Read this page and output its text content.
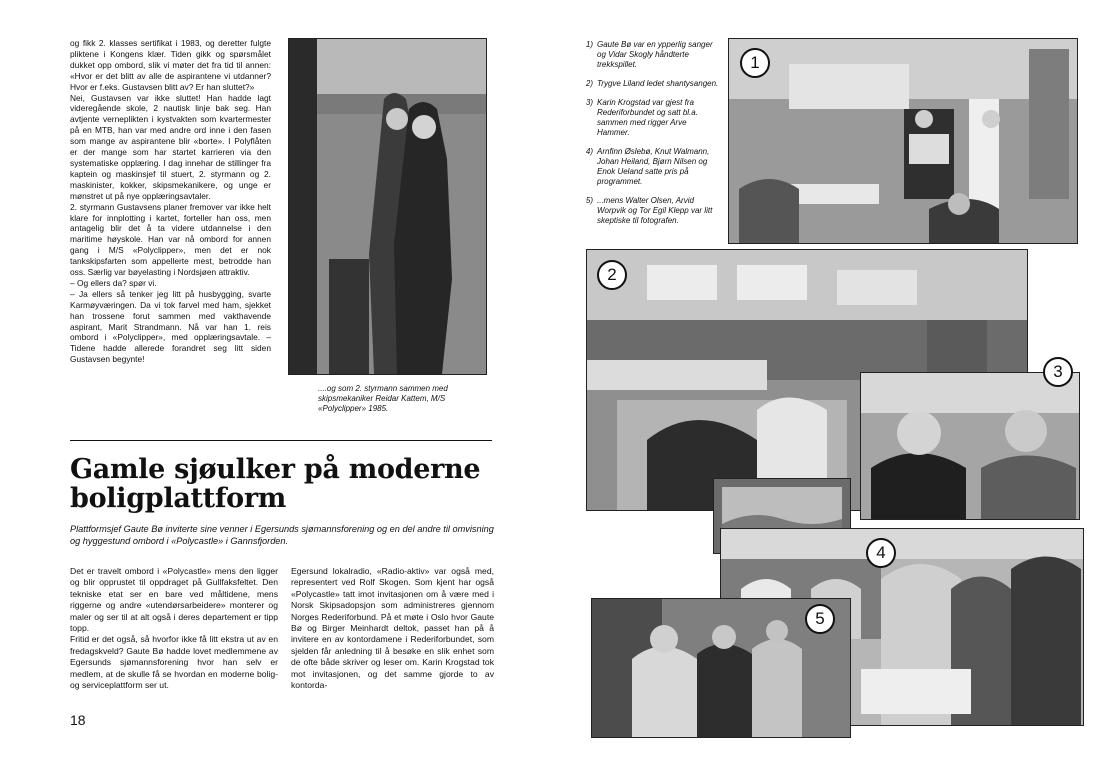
og fikk 2. klasses sertifikat i 1983, og deretter fulgte pliktene i Kongens klær. Tiden gikk og spørsmålet dukket opp ombord, slik vi møter det fra tid til annen: «Hvor er det blitt av alle de aspirantene vi utdanner? Hvor er f.eks. Gustavsen blitt av? Er han sluttet?»

Nei, Gustavsen var ikke sluttet! Han hadde lagt videregående skole, 2 nautisk linje bak seg. Han avtjente verneplikten i kystvakten som kvartermester på en MTB, han var med andre ord inne i den fasen som mange av aspirantene blir «borte». I Polyflåten er der mange som har startet karrieren via den systematiske opplæring. I dag innehar de stillinger fra kaptein og maskinsjef til stuert, 2. styrmann og 2. maskinister, kokker, skipsmekanikere, og unge er mønstret ut på nye opplæringsavtaler.

2. styrmann Gustavsens planer fremover var ikke helt klare for innplotting i kartet, forteller han oss, men antagelig blir det å ta videre utdannelse i den maritime høyskole. Han var nå ombord for annen gang i M/S «Polyclipper», men det er nok tankskipsfarten som appellerte mest, betrodde han oss. Særlig var bøyelasting i Nordsjøen attraktiv.

– Og ellers da? spør vi.

– Ja ellers så tenker jeg litt på husbygging, svarte Karmøyværingen. Da vi tok farvel med ham, sjekket han trossene forut sammen med vakthavende aspirant, Marit Strandmann. Nå var han 1. reis ombord i «Polyclipper», med opplæringsavtale. – Tidene hadde allerede forandret seg litt siden Gustavsen begynte!

....og som 2. styrmann sammen med skipsmekaniker Reidar Kattem, M/S «Polyclipper» 1985.
Gamle sjøulker på moderne
boligplattform
Plattformsjef Gaute Bø inviterte sine venner i Egersunds sjømannsforening og en del andre til omvisning og hyggestund ombord i «Polycastle» i Gannsfjorden.

Det er travelt ombord i «Polycastle» mens den ligger og blir opprustet til oppdraget på Gullfaksfeltet. Den tekniske etat ser en bare ved måltidene, mens riggerne og andre «utendørsarbeidere» monterer og maler og ser til at alt også i deres departement er tipp topp.

Fritid er det også, så hvorfor ikke få litt ekstra ut av en fredagskveld? Gaute Bø hadde lovet medlemmene av Egersunds sjømannsforening hvor han selv er medlem, at de skulle få se hvordan en moderne bolig- og serviceplattform ser ut.

Egersund lokalradio, «Radio-aktiv» var også med, representert ved Rolf Skogen. Som kjent har også «Polycastle» tatt imot invitasjonen om å være med i Norsk Skipsadopsjon som administreres gjennom Norges Rederiforbund. På et møte i Oslo hvor Gaute Bø og Birger Meinhardt deltok, passet han på å invitere en av kontordamene i Rederiforbundet, som sjelden får anledning til å besøke en slik enhet som de ofte både skriver og leser om. Karin Krogstad tok mot invitasjonen, og det samme gjorde to av kontorda-

18
1) Gaute Bø var en ypperlig sanger og Vidar Skogly håndterte trekkspillet.
2) Trygve Liland ledet shantysangen.
3) Karin Krogstad var gjest fra Rederiforbundet og satt bl.a. sammen med rigger Arve Hammer.
4) Arnfinn Øslebø, Knut Walmann, Johan Heiland, Bjørn Nilsen og Enok Ueland satte pris på programmet.
5) ...mens Walter Olsen, Arvid Worpvik og Tor Egil Klepp var litt skeptiske til fotografen.
1
2
3
4
5
